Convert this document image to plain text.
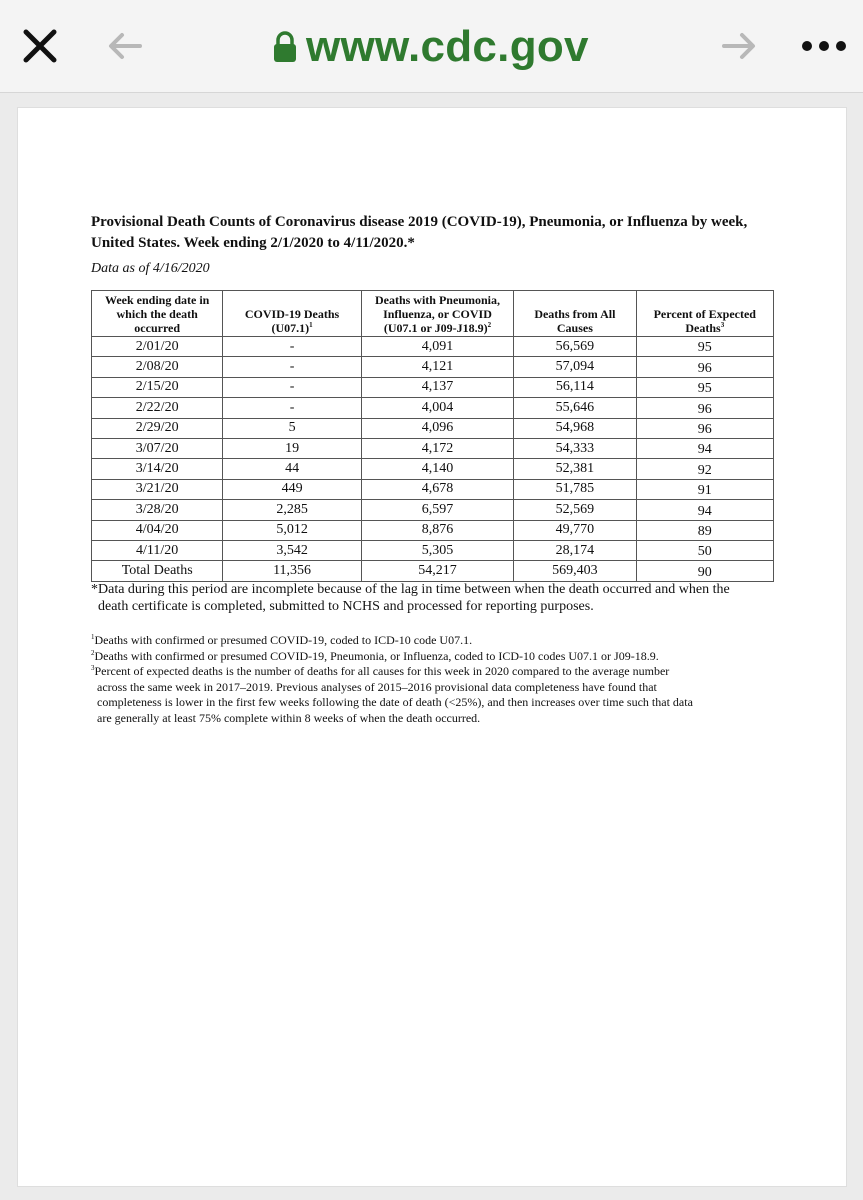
www.cdc.gov
Provisional Death Counts of Coronavirus disease 2019 (COVID-19), Pneumonia, or Influenza by week, United States. Week ending 2/1/2020 to 4/11/2020.*
Data as of 4/16/2020
Week ending date in which the death occurred	COVID-19 Deaths $(U07.1)^1$	Deaths with Pneumonia, Influenza, or COVID
(U07.1 or J09-J18.9)$^2$	Deaths from All Causes	Percent of Expected Deaths$^3$
2/01/20	-	4,091	56,569	95
2/08/20	-	4,121	57,094	96
2/15/20	-	4,137	56,114	95
2/22/20	-	4,004	55,646	96
2/29/20	5	4,096	54,968	96
3/07/20	19	4,172	54,333	94
3/14/20	44	4,140	52,381	92
3/21/20	449	4,678	51,785	91
3/28/20	2,285	6,597	52,569	94
4/04/20	5,012	8,876	49,770	89
4/11/20	3,542	5,305	28,174	50
Total Deaths	11,356	54,217	569,403	90
*Data during this period are incomplete because of the lag in time between when the death occurred and when the
death certificate is completed, submitted to NCHS and processed for reporting purposes.

$^1$Deaths with confirmed or presumed COVID-19, coded to ICD-10 code U07.1.

$^2$Deaths with confirmed or presumed COVID-19, Pneumonia, or Influenza, coded to ICD-10 codes U07.1 or J09-18.9.

$^3$Percent of expected deaths is the number of deaths for all causes for this week in 2020 compared to the average number

across the same week in 2017–2019. Previous analyses of 2015–2016 provisional data completeness have found that

completeness is lower in the first few weeks following the date of death (<25%), and then increases over time such that data

are generally at least 75% complete within 8 weeks of when the death occurred.
